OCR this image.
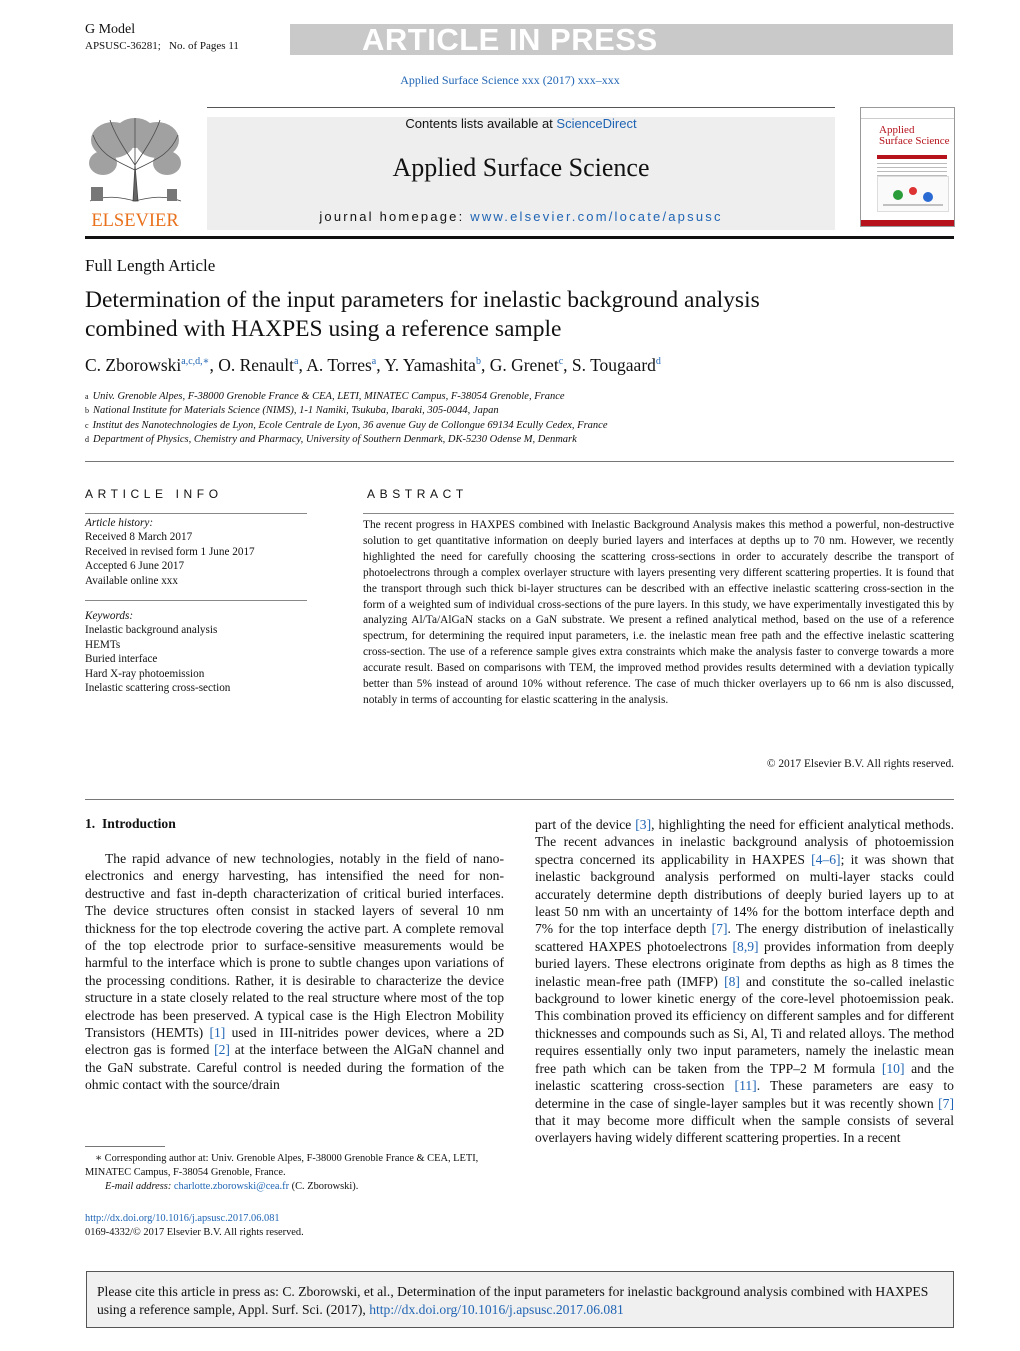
G Model
APSUSC-36281;   No. of Pages 11	ARTICLE IN PRESS
Applied Surface Science xxx (2017) xxx–xxx
ELSEVIER
Contents lists available at ScienceDirect
Applied Surface Science
journal homepage: www.elsevier.com/locate/apsusc
Applied
Surface Science
Full Length Article
Determination of the input parameters for inelastic background analysis combined with HAXPES using a reference sample
C. Zborowski$^{a,c,d,∗}$, O. Renault$^a$, A. Torres$^a$, Y. Yamashita$^b$, G. Grenet$^c$, S. Tougaard$^d$
$^a$ Univ. Grenoble Alpes, F-38000 Grenoble France & CEA, LETI, MINATEC Campus, F-38054 Grenoble, France
$^b$ National Institute for Materials Science (NIMS), 1-1 Namiki, Tsukuba, Ibaraki, 305-0044, Japan
$^c$ Institut des Nanotechnologies de Lyon, Ecole Centrale de Lyon, 36 avenue Guy de Collongue 69134 Ecully Cedex, France
$^d$ Department of Physics, Chemistry and Pharmacy, University of Southern Denmark, DK-5230 Odense M, Denmark
ARTICLE INFO
Article history:
Received 8 March 2017
Received in revised form 1 June 2017
Accepted 6 June 2017
Available online xxx
Keywords:
Inelastic background analysis
HEMTs
Buried interface
Hard X-ray photoemission
Inelastic scattering cross-section
ABSTRACT
The recent progress in HAXPES combined with Inelastic Background Analysis makes this method a powerful, non-destructive solution to get quantitative information on deeply buried layers and interfaces at depths up to 70 nm. However, we recently highlighted the need for carefully choosing the scattering cross-sections in order to accurately describe the transport of photoelectrons through a complex overlayer structure with layers presenting very different scattering properties. It is found that the transport through such thick bi-layer structures can be described with an effective inelastic scattering cross-section in the form of a weighted sum of individual cross-sections of the pure layers. In this study, we have experimentally investigated this by analyzing Al/Ta/AlGaN stacks on a GaN substrate. We present a refined analytical method, based on the use of a reference spectrum, for determining the required input parameters, i.e. the inelastic mean free path and the effective inelastic scattering cross-section. The use of a reference sample gives extra constraints which make the analysis faster to converge towards a more accurate result. Based on comparisons with TEM, the improved method provides results determined with a deviation typically better than 5% instead of around 10% without reference. The case of much thicker overlayers up to 66 nm is also discussed, notably in terms of accounting for elastic scattering in the analysis.
© 2017 Elsevier B.V. All rights reserved.
1.  Introduction
The rapid advance of new technologies, notably in the field of nano-electronics and energy harvesting, has intensified the need for non-destructive and fast in-depth characterization of critical buried interfaces. The device structures often consist in stacked layers of several 10 nm thickness for the top electrode covering the active part. A complete removal of the top electrode prior to surface-sensitive measurements would be harmful to the interface which is prone to subtle changes upon variations of the processing conditions. Rather, it is desirable to characterize the device structure in a state closely related to the real structure where most of the top electrode has been preserved. A typical case is the High Electron Mobility Transistors (HEMTs) [1] used in III-nitrides power devices, where a 2D electron gas is formed [2] at the interface between the AlGaN channel and the GaN substrate. Careful control is needed during the formation of the ohmic contact with the source/drain
part of the device [3], highlighting the need for efficient analytical methods. The recent advances in inelastic background analysis of photoemission spectra concerned its applicability in HAXPES [4–6]; it was shown that inelastic background analysis performed on multi-layer stacks could accurately determine depth distributions of deeply buried layers up to at least 50 nm with an uncertainty of 14% for the bottom interface depth and 7% for the top interface depth [7]. The energy distribution of inelastically scattered HAXPES photoelectrons [8,9] provides information from deeply buried layers. These electrons originate from depths as high as 8 times the inelastic mean-free path (IMFP) [8] and constitute the so-called inelastic background to lower kinetic energy of the core-level photoemission peak. This combination proved its efficiency on different samples and for different thicknesses and compounds such as Si, Al, Ti and related alloys. The method requires essentially only two input parameters, namely the inelastic mean free path which can be taken from the TPP–2 M formula [10] and the inelastic scattering cross-section [11]. These parameters are easy to determine in the case of single-layer samples but it was recently shown [7] that it may become more difficult when the sample consists of several overlayers having widely different scattering properties. In a recent
∗ Corresponding author at: Univ. Grenoble Alpes, F-38000 Grenoble France & CEA, LETI, MINATEC Campus, F-38054 Grenoble, France.
E-mail address: charlotte.zborowski@cea.fr (C. Zborowski).
http://dx.doi.org/10.1016/j.apsusc.2017.06.081
0169-4332/© 2017 Elsevier B.V. All rights reserved.
Please cite this article in press as: C. Zborowski, et al., Determination of the input parameters for inelastic background analysis combined with HAXPES using a reference sample, Appl. Surf. Sci. (2017), http://dx.doi.org/10.1016/j.apsusc.2017.06.081
